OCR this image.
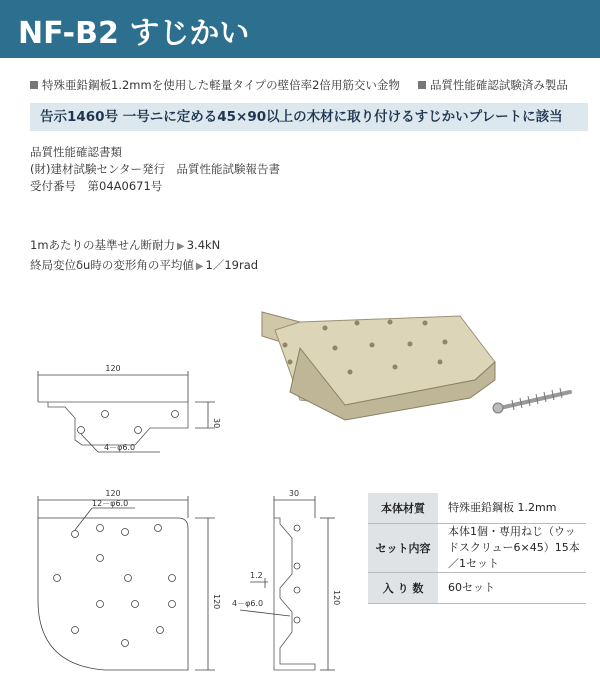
NF-B2 すじかい
特殊亜鉛鋼板1.2mmを使用した軽量タイプの壁倍率2倍用筋交い金物	品質性能確認試験済み製品
告示1460号 一号ニに定める45×90以上の木材に取り付けるすじかいプレートに該当
品質性能確認書類
(財)建材試験センター発行　品質性能試験報告書
受付番号　第04A0671号
1mあたりの基準せん断耐力 ▶ 3.4kN
終局変位δu時の変形角の平均値 ▶ 1／19rad
120
30
4－φ6.0
120
120
12－φ6.0
30
120
1.2
4－φ6.0
本体材質	特殊亜鉛鋼板 1.2mm
セット内容	本体1個・専用ねじ（ウッドスクリュー6×45）15本／1セット
入 り 数	60セット
